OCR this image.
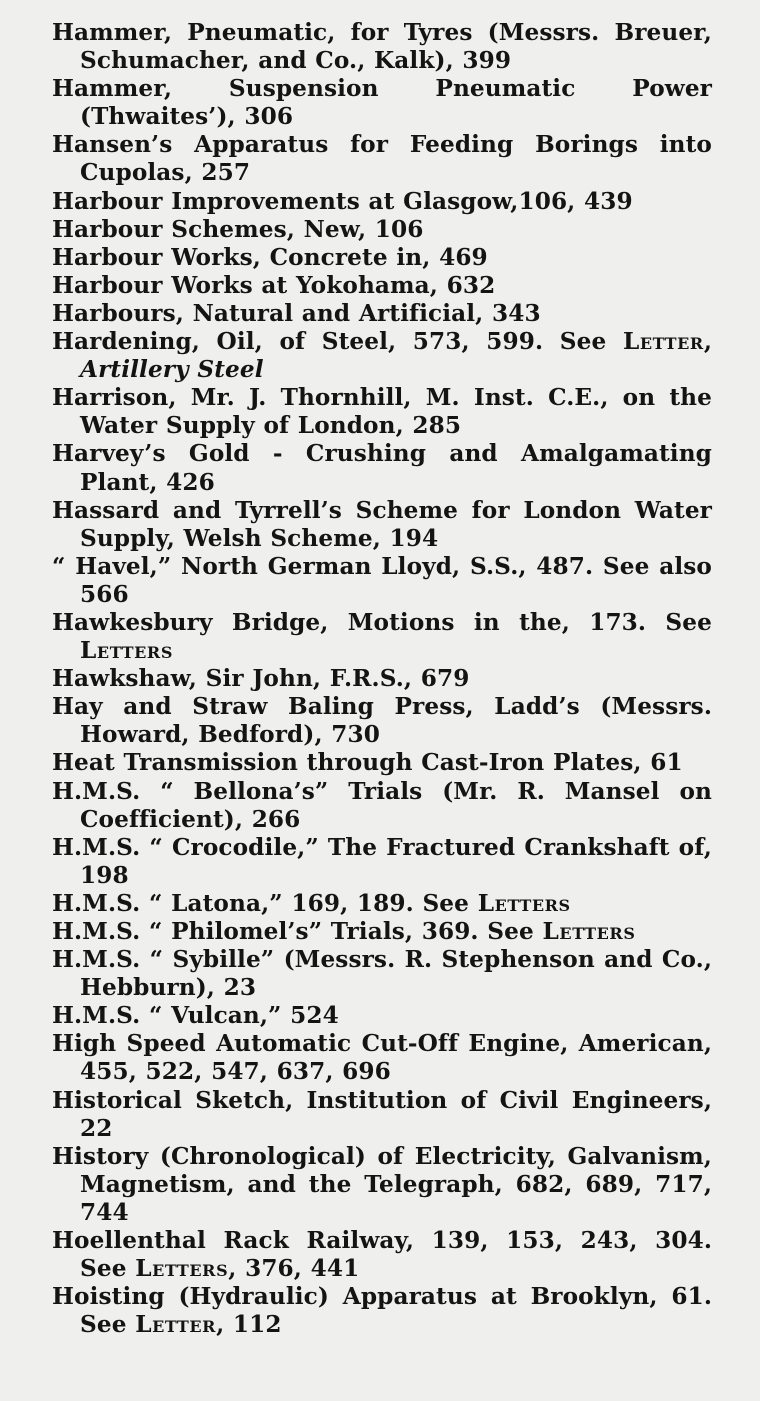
Hammer, Pneumatic, for Tyres (Messrs. Breuer, Schumacher, and Co., Kalk), 399
Hammer, Suspension Pneumatic Power (Thwaites’), 306
Hansen’s Apparatus for Feeding Borings into Cupolas, 257
Harbour Improvements at Glasgow,106, 439
Harbour Schemes, New, 106
Harbour Works, Concrete in, 469
Harbour Works at Yokohama, 632
Harbours, Natural and Artificial, 343
Hardening, Oil, of Steel, 573, 599. See Letter, Artillery Steel
Harrison, Mr. J. Thornhill, M. Inst. C.E., on the Water Supply of London, 285
Harvey’s Gold - Crushing and Amalgamating Plant, 426
Hassard and Tyrrell’s Scheme for London Water Supply, Welsh Scheme, 194
“ Havel,” North German Lloyd, S.S., 487. See also 566
Hawkesbury Bridge, Motions in the, 173. See Letters
Hawkshaw, Sir John, F.R.S., 679
Hay and Straw Baling Press, Ladd’s (Messrs. Howard, Bedford), 730
Heat Transmission through Cast-Iron Plates, 61
H.M.S. “ Bellona’s” Trials (Mr. R. Mansel on Coefficient), 266
H.M.S. “ Crocodile,” The Fractured Crankshaft of, 198
H.M.S. “ Latona,” 169, 189. See Letters
H.M.S. “ Philomel’s” Trials, 369. See Letters
H.M.S. “ Sybille” (Messrs. R. Stephenson and Co., Hebburn), 23
H.M.S. “ Vulcan,” 524
High Speed Automatic Cut-Off Engine, American, 455, 522, 547, 637, 696
Historical Sketch, Institution of Civil Engineers, 22
History (Chronological) of Electricity, Galvanism, Magnetism, and the Telegraph, 682, 689, 717, 744
Hoellenthal Rack Railway, 139, 153, 243, 304. See Letters, 376, 441
Hoisting (Hydraulic) Apparatus at Brooklyn, 61. See Letter, 112
